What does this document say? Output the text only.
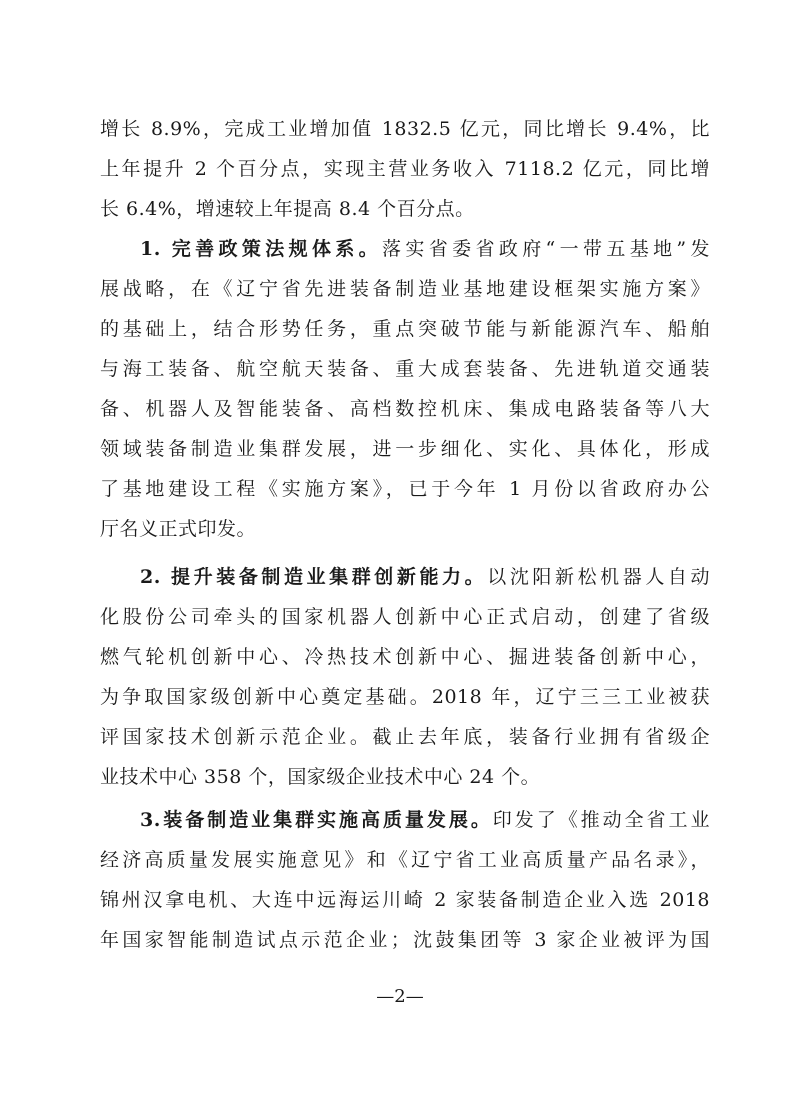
增长 8.9%，完成工业增加值 1832.5 亿元，同比增长 9.4%，比
上年提升 2 个百分点，实现主营业务收入 7118.2 亿元，同比增
长 6.4%，增速较上年提高 8.4 个百分点。
1. 完善政策法规体系。落实省委省政府“一带五基地”发
展战略，在《辽宁省先进装备制造业基地建设框架实施方案》
的基础上，结合形势任务，重点突破节能与新能源汽车、船舶
与海工装备、航空航天装备、重大成套装备、先进轨道交通装
备、机器人及智能装备、高档数控机床、集成电路装备等八大
领域装备制造业集群发展，进一步细化、实化、具体化，形成
了基地建设工程《实施方案》，已于今年 1 月份以省政府办公
厅名义正式印发。
2. 提升装备制造业集群创新能力。以沈阳新松机器人自动
化股份公司牵头的国家机器人创新中心正式启动，创建了省级
燃气轮机创新中心、冷热技术创新中心、掘进装备创新中心，
为争取国家级创新中心奠定基础。2018 年，辽宁三三工业被获
评国家技术创新示范企业。截止去年底，装备行业拥有省级企
业技术中心 358 个，国家级企业技术中心 24 个。
3.装备制造业集群实施高质量发展。印发了《推动全省工业
经济高质量发展实施意见》和《辽宁省工业高质量产品名录》，
锦州汉拿电机、大连中远海运川崎 2 家装备制造企业入选 2018
年国家智能制造试点示范企业；沈鼓集团等 3 家企业被评为国
—2—
